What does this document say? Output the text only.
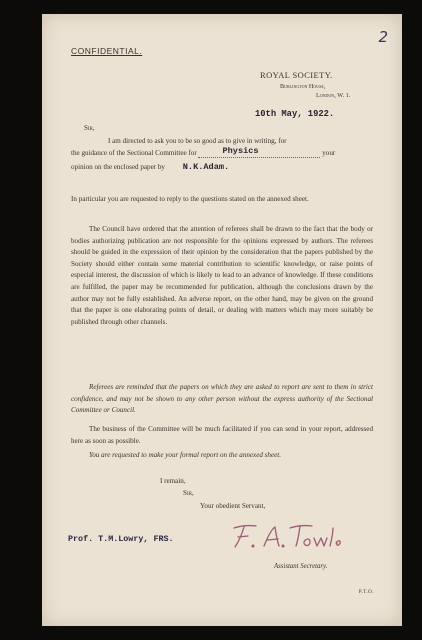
2
CONFIDENTIAL.
ROYAL SOCIETY.
Burlington House,
London, W. 1.
10th May, 1922.
Sir,
I am directed to ask you to be so good as to give in writing, for
the guidance of the Sectional Committee for	Physics	your
opinion on the enclosed paper by N.K.Adam.
In particular you are requested to reply to the questions stated on the annexed sheet.
The Council have ordered that the attention of referees shall be drawn to the fact that the body or bodies authorizing publication are not responsible for the opinions expressed by authors. The referees should be guided in the expression of their opinion by the consideration that the papers published by the Society should either contain some material contribution to scientific knowledge, or raise points of especial interest, the discussion of which is likely to lead to an advance of knowledge. If these conditions are fulfilled, the paper may be recommended for publication, although the conclusions drawn by the author may not be fully established. An adverse report, on the other hand, may be given on the ground that the paper is one elaborating points of detail, or dealing with matters which may more suitably be published through other channels.
Referees are reminded that the papers on which they are asked to report are sent to them in strict confidence, and may not be shown to any other person without the express authority of the Sectional Committee or Council.
The business of the Committee will be much facilitated if you can send in your report, addressed here as soon as possible.
You are requested to make your formal report on the annexed sheet.
I remain,
Sir,
Your obedient Servant,
Prof. T.M.Lowry, FRS.
Assistant Secretary.
P.T.O.
